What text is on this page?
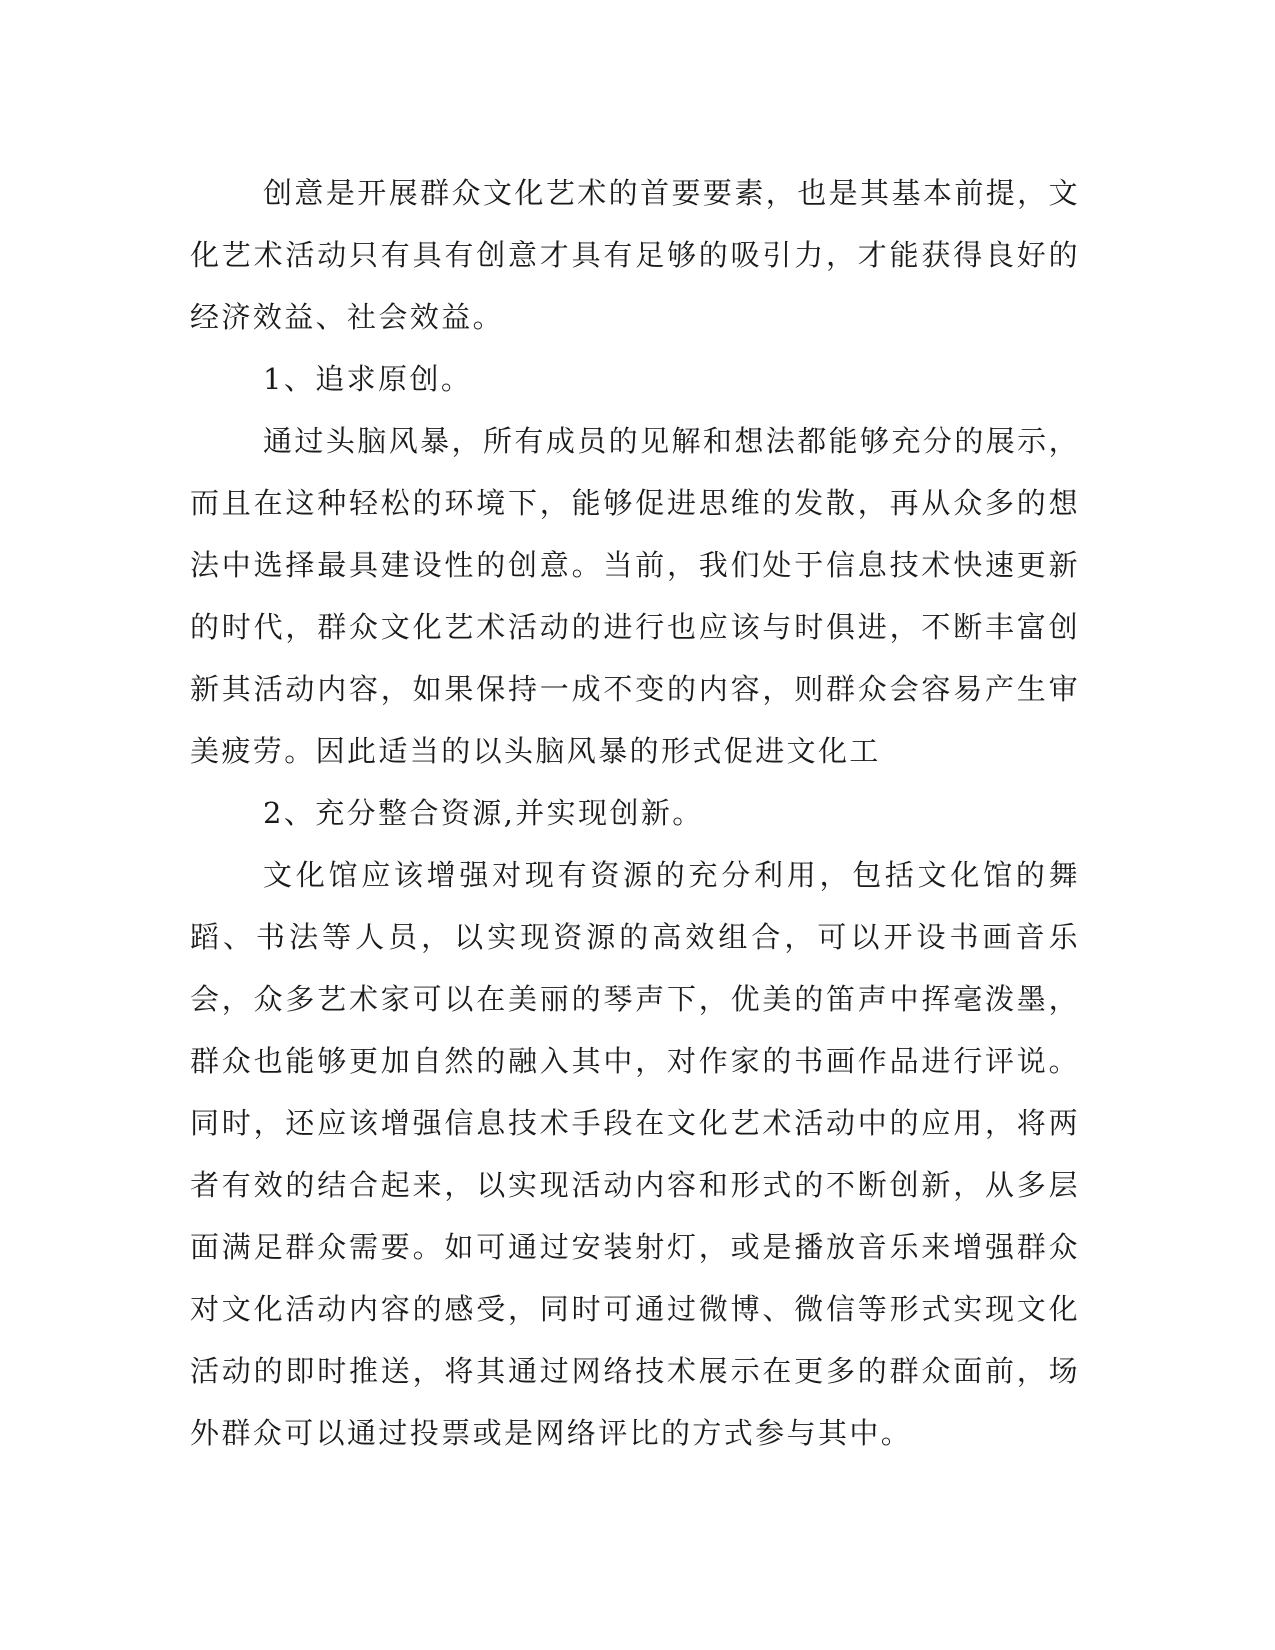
创意是开展群众文化艺术的首要要素，也是其基本前提，文化艺术活动只有具有创意才具有足够的吸引力，才能获得良好的经济效益、社会效益。

1、追求原创。

通过头脑风暴，所有成员的见解和想法都能够充分的展示，而且在这种轻松的环境下，能够促进思维的发散，再从众多的想法中选择最具建设性的创意。当前，我们处于信息技术快速更新的时代，群众文化艺术活动的进行也应该与时俱进，不断丰富创新其活动内容，如果保持一成不变的内容，则群众会容易产生审美疲劳。因此适当的以头脑风暴的形式促进文化工

2、充分整合资源,并实现创新。

文化馆应该增强对现有资源的充分利用，包括文化馆的舞蹈、书法等人员，以实现资源的高效组合，可以开设书画音乐会，众多艺术家可以在美丽的琴声下，优美的笛声中挥毫泼墨，群众也能够更加自然的融入其中，对作家的书画作品进行评说。同时，还应该增强信息技术手段在文化艺术活动中的应用，将两者有效的结合起来，以实现活动内容和形式的不断创新，从多层面满足群众需要。如可通过安装射灯，或是播放音乐来增强群众对文化活动内容的感受，同时可通过微博、微信等形式实现文化活动的即时推送，将其通过网络技术展示在更多的群众面前，场外群众可以通过投票或是网络评比的方式参与其中。
